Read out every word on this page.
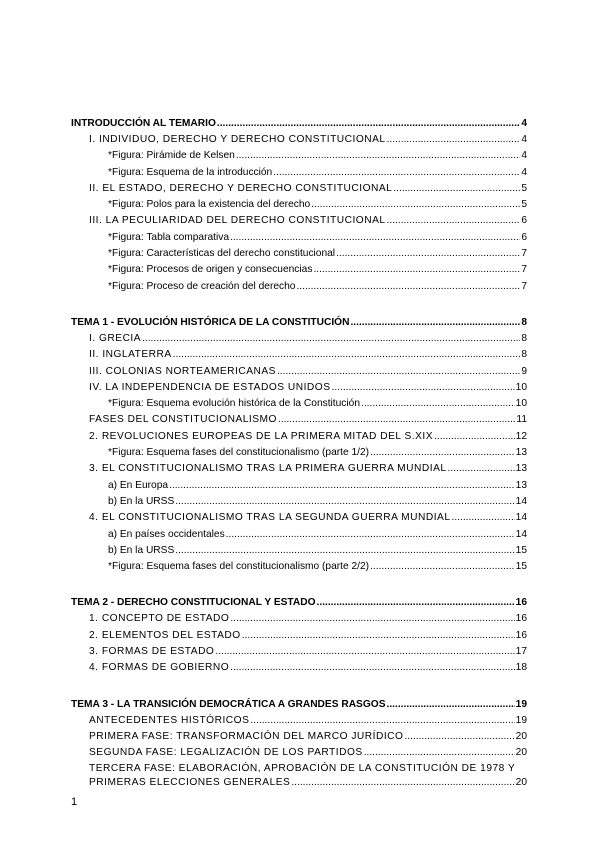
INTRODUCCIÓN AL TEMARIO .....	4
I. INDIVIDUO, DERECHO Y DERECHO CONSTITUCIONAL .....	4
*Figura: Pirámide de Kelsen .....	4
*Figura: Esquema de la introducción .....	4
II. EL ESTADO, DERECHO Y DERECHO CONSTITUCIONAL .....	5
*Figura: Polos para la existencia del derecho .....	5
III. LA PECULIARIDAD DEL DERECHO CONSTITUCIONAL .....	6
*Figura: Tabla comparativa .....	6
*Figura: Características del derecho constitucional .....	7
*Figura: Procesos de origen y consecuencias .....	7
*Figura: Proceso de creación del derecho .....	7
TEMA 1 - EVOLUCIÓN HISTÓRICA DE LA CONSTITUCIÓN .....	8
I. GRECIA .....	8
II. INGLATERRA .....	8
III. COLONIAS NORTEAMERICANAS .....	9
IV. LA INDEPENDENCIA DE ESTADOS UNIDOS .....	10
*Figura: Esquema evolución histórica de la Constitución .....	10
FASES DEL CONSTITUCIONALISMO .....	11
2. REVOLUCIONES EUROPEAS DE LA PRIMERA MITAD DEL S.XIX .....	12
*Figura: Esquema fases del constitucionalismo (parte 1/2) .....	13
3. EL CONSTITUCIONALISMO TRAS LA PRIMERA GUERRA MUNDIAL .....	13
a) En Europa .....	13
b) En la URSS .....	14
4. EL CONSTITUCIONALISMO TRAS LA SEGUNDA GUERRA MUNDIAL .....	14
a) En países occidentales .....	14
b) En la URSS .....	15
*Figura: Esquema fases del constitucionalismo (parte 2/2) .....	15
TEMA 2 - DERECHO CONSTITUCIONAL Y ESTADO .....	16
1. CONCEPTO DE ESTADO .....	16
2. ELEMENTOS DEL ESTADO .....	16
3. FORMAS DE ESTADO .....	17
4. FORMAS DE GOBIERNO .....	18
TEMA 3 - LA TRANSICIÓN DEMOCRÁTICA A GRANDES RASGOS .....	19
ANTECEDENTES HISTÓRICOS .....	19
PRIMERA FASE: TRANSFORMACIÓN DEL MARCO JURÍDICO .....	20
SEGUNDA FASE: LEGALIZACIÓN DE LOS PARTIDOS .....	20
TERCERA FASE: ELABORACIÓN, APROBACIÓN DE LA CONSTITUCIÓN DE 1978 Y
PRIMERAS ELECCIONES GENERALES .....	20
1
